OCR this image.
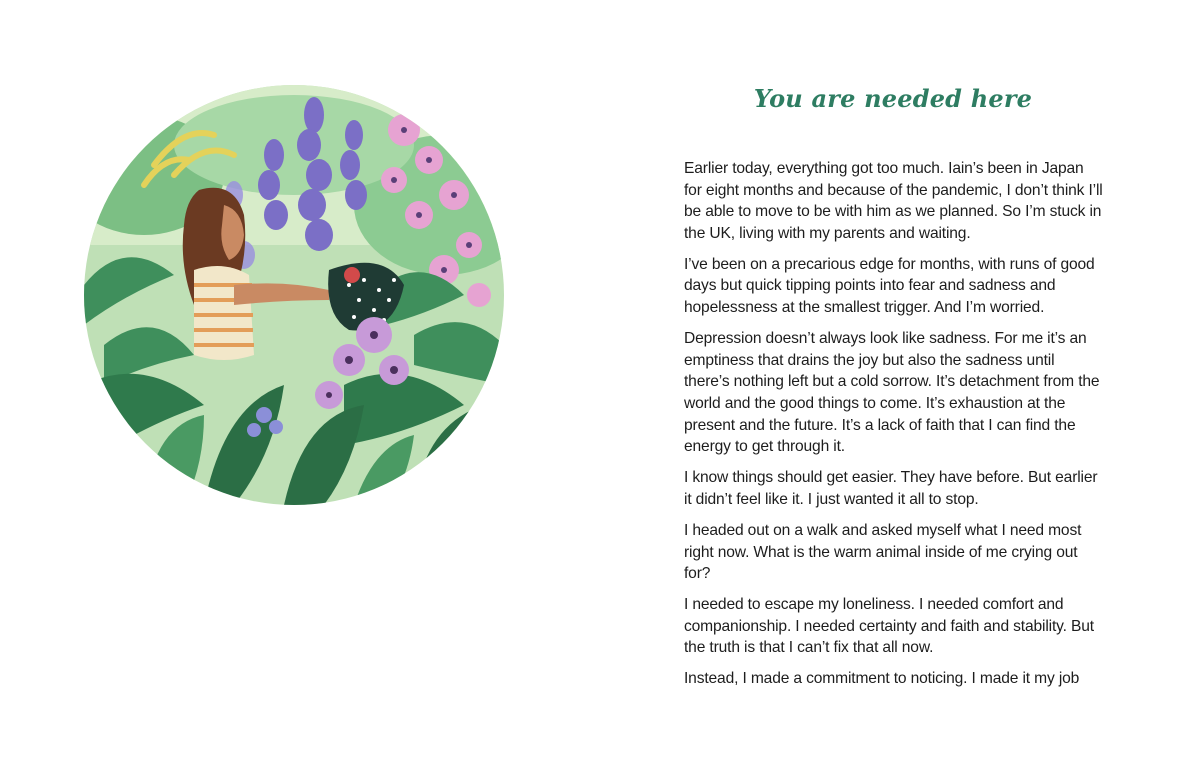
You are needed here

Earlier today, everything got too much. Iain’s been in Japan for eight months and because of the pandemic, I don’t think I’ll be able to move to be with him as we planned. So I’m stuck in the UK, living with my parents and waiting.

I’ve been on a precarious edge for months, with runs of good days but quick tipping points into fear and sadness and hopelessness at the smallest trigger. And I’m worried.

Depression doesn’t always look like sadness. For me it’s an emptiness that drains the joy but also the sadness until there’s nothing left but a cold sorrow. It’s detachment from the world and the good things to come. It’s exhaustion at the present and the future. It’s a lack of faith that I can find the energy to get through it.

I know things should get easier. They have before. But earlier it didn’t feel like it. I just wanted it all to stop.

I headed out on a walk and asked myself what I need most right now. What is the warm animal inside of me crying out for?

I needed to escape my loneliness. I needed comfort and companionship. I needed certainty and faith and stability. But the truth is that I can’t fix that all now.

Instead, I made a commitment to noticing. I made it my job
